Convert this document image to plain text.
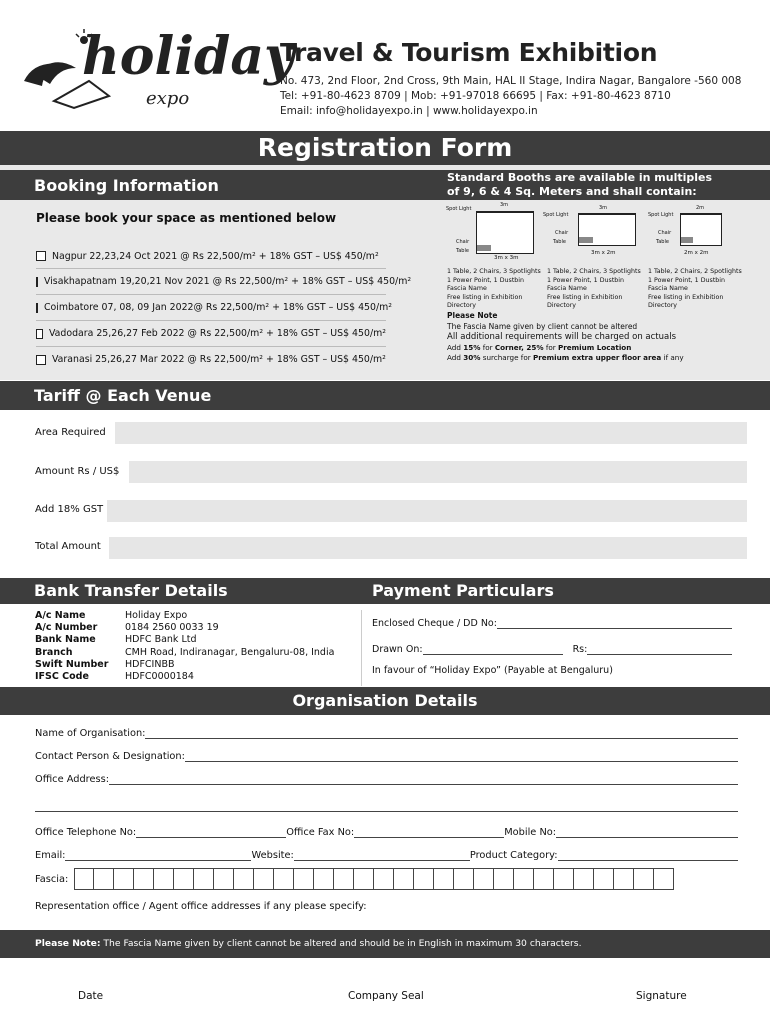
holiday
expo
Travel & Tourism Exhibition
No. 473, 2nd Floor, 2nd Cross, 9th Main, HAL II Stage, Indira Nagar, Bangalore -560 008
Tel: +91-80-4623 8709 | Mob: +91-97018 66695 | Fax: +91-80-4623 8710
Email: info@holidayexpo.in | www.holidayexpo.in
Registration Form
Booking Information	Standard Booths are available in multiples
of 9, 6 & 4 Sq. Meters and shall contain:
Please book your space as mentioned below
Nagpur 22,23,24 Oct 2021 @ Rs 22,500/m² + 18% GST – US$ 450/m²
Visakhapatnam 19,20,21 Nov 2021 @ Rs 22,500/m² + 18% GST – US$ 450/m²
Coimbatore 07, 08, 09 Jan 2022@ Rs 22,500/m² + 18% GST – US$ 450/m²
Vadodara 25,26,27 Feb 2022 @ Rs 22,500/m² + 18% GST – US$ 450/m²
Varanasi 25,26,27 Mar 2022 @ Rs 22,500/m² + 18% GST – US$ 450/m²
Spot Light
3m
Chair
Table
3m x 3m
Spot Light
3m
Chair
Table
3m x 2m
Spot Light
2m
Chair
Table
2m x 2m
1 Table, 2 Chairs, 3 Spotlights
1 Power Point, 1 Dustbin
Fascia Name
Free listing in Exhibition Directory
1 Table, 2 Chairs, 3 Spotlights
1 Power Point, 1 Dustbin
Fascia Name
Free listing in Exhibition Directory
1 Table, 2 Chairs, 2 Spotlights
1 Power Point, 1 Dustbin
Fascia Name
Free listing in Exhibition Directory
Please Note
The Fascia Name given by client cannot be altered
All additional requirements will be charged on actuals
Add 15% for Corner, 25% for Premium Location
Add 30% surcharge for Premium extra upper floor area if any
Tariff @ Each Venue
Area Required
Amount Rs / US$
Add 18% GST
Total Amount
Bank Transfer Details	Payment Particulars
A/c Name	Holiday Expo
A/c Number	0184 2560 0033 19
Bank Name	HDFC Bank Ltd
Branch	CMH Road, Indiranagar, Bengaluru-08, India
Swift Number HDFCINBB
IFSC Code	HDFC0000184
Enclosed Cheque / DD No:
Drawn On:	Rs:
In favour of “Holiday Expo” (Payable at Bengaluru)
Organisation Details
Name of Organisation:
Contact Person & Designation:
Office Address:
Office Telephone No:	Office Fax No:	Mobile No:
Email:	Website:	Product Category:
Fascia:
Representation office / Agent office addresses if any please specify:
Please Note: The Fascia Name given by client cannot be altered and should be in English in maximum 30 characters.
Date	Company Seal	Signature
